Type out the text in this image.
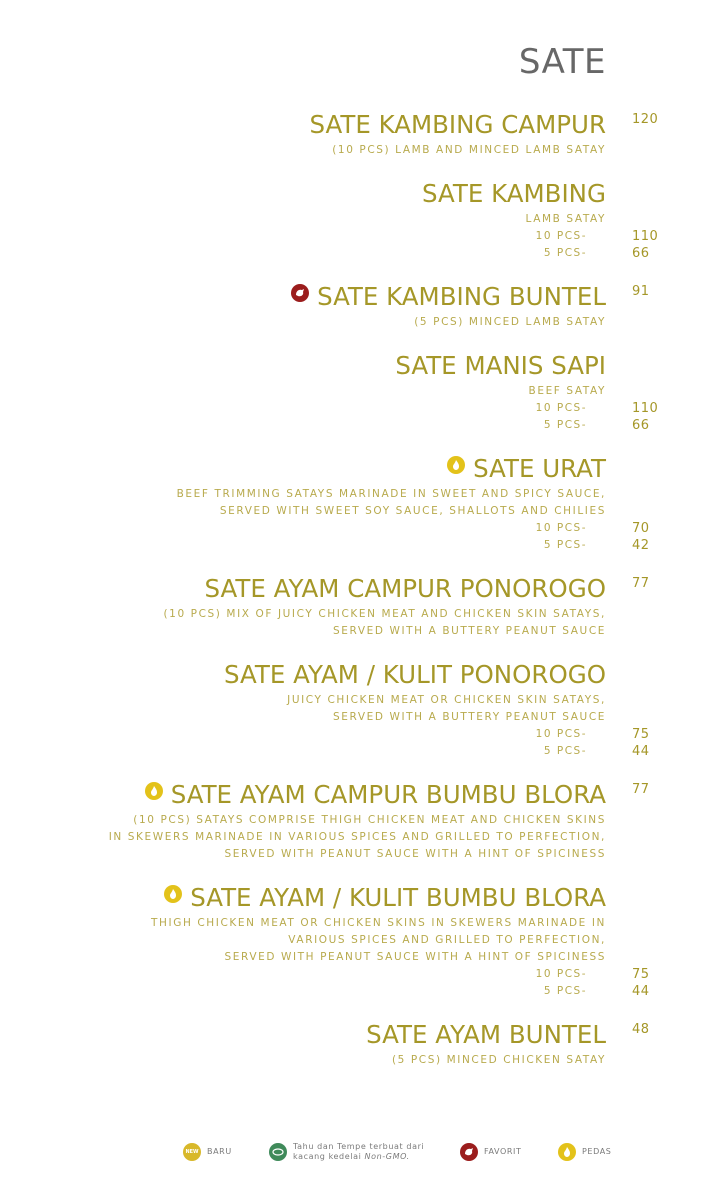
SATE
SATE KAMBING CAMPUR 120
(10 PCS) LAMB AND MINCED LAMB SATAY
SATE KAMBING
LAMB SATAY
10 PCS-	110
5 PCS-	66
SATE KAMBING BUNTEL 91
(5 PCS) MINCED LAMB SATAY
SATE MANIS SAPI
BEEF SATAY
10 PCS-	110
5 PCS-	66
SATE URAT
BEEF TRIMMING SATAYS MARINADE IN SWEET AND SPICY SAUCE,
SERVED WITH SWEET SOY SAUCE, SHALLOTS AND CHILIES
10 PCS-	70
5 PCS-	42
SATE AYAM CAMPUR PONOROGO 77
(10 PCS) MIX OF JUICY CHICKEN MEAT AND CHICKEN SKIN SATAYS,
SERVED WITH A BUTTERY PEANUT SAUCE
SATE AYAM / KULIT PONOROGO
JUICY CHICKEN MEAT OR CHICKEN SKIN SATAYS,
SERVED WITH A BUTTERY PEANUT SAUCE
10 PCS-	75
5 PCS-	44
SATE AYAM CAMPUR BUMBU BLORA 77
(10 PCS) SATAYS COMPRISE THIGH CHICKEN MEAT AND CHICKEN SKINS
IN SKEWERS MARINADE IN VARIOUS SPICES AND GRILLED TO PERFECTION,
SERVED WITH PEANUT SAUCE WITH A HINT OF SPICINESS
SATE AYAM / KULIT BUMBU BLORA
THIGH CHICKEN MEAT OR CHICKEN SKINS IN SKEWERS MARINADE IN
VARIOUS SPICES AND GRILLED TO PERFECTION,
SERVED WITH PEANUT SAUCE WITH A HINT OF SPICINESS
10 PCS-	75
5 PCS-	44
SATE AYAM BUNTEL 48
(5 PCS) MINCED CHICKEN SATAY
NEW	BARU
Tahu dan Tempe terbuat dari
kacang kedelai Non-GMO.
FAVORIT	PEDAS
